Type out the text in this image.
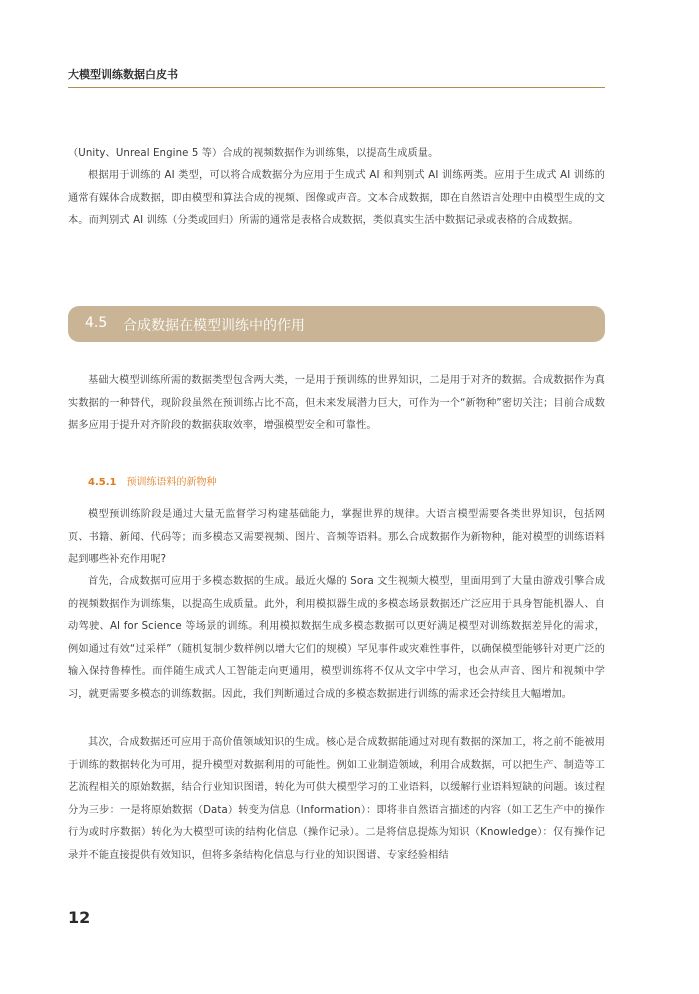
大模型训练数据白皮书

（Unity、Unreal Engine 5 等）合成的视频数据作为训练集，以提高生成质量。

根据用于训练的 AI 类型，可以将合成数据分为应用于生成式 AI 和判别式 AI 训练两类。应用于生成式 AI 训练的通常有媒体合成数据，即由模型和算法合成的视频、图像或声音。文本合成数据，即在自然语言处理中由模型生成的文本。而判别式 AI 训练（分类或回归）所需的通常是表格合成数据，类似真实生活中数据记录或表格的合成数据。

4.5 合成数据在模型训练中的作用

基础大模型训练所需的数据类型包含两大类，一是用于预训练的世界知识，二是用于对齐的数据。合成数据作为真实数据的一种替代，现阶段虽然在预训练占比不高，但未来发展潜力巨大，可作为一个“新物种”密切关注；目前合成数据多应用于提升对齐阶段的数据获取效率，增强模型安全和可靠性。

4.5.1 预训练语料的新物种

模型预训练阶段是通过大量无监督学习构建基础能力，掌握世界的规律。大语言模型需要各类世界知识，包括网页、书籍、新闻、代码等；而多模态又需要视频、图片、音频等语料。那么合成数据作为新物种，能对模型的训练语料起到哪些补充作用呢?

首先，合成数据可应用于多模态数据的生成。最近火爆的 Sora 文生视频大模型，里面用到了大量由游戏引擎合成的视频数据作为训练集，以提高生成质量。此外，利用模拟器生成的多模态场景数据还广泛应用于具身智能机器人、自动驾驶、AI for Science 等场景的训练。利用模拟数据生成多模态数据可以更好满足模型对训练数据差异化的需求，例如通过有效“过采样”（随机复制少数样例以增大它们的规模）罕见事件或灾难性事件，以确保模型能够针对更广泛的输入保持鲁棒性。而伴随生成式人工智能走向更通用，模型训练将不仅从文字中学习，也会从声音、图片和视频中学习，就更需要多模态的训练数据。因此，我们判断通过合成的多模态数据进行训练的需求还会持续且大幅增加。

其次，合成数据还可应用于高价值领域知识的生成。核心是合成数据能通过对现有数据的深加工，将之前不能被用于训练的数据转化为可用，提升模型对数据利用的可能性。例如工业制造领域，利用合成数据，可以把生产、制造等工艺流程相关的原始数据，结合行业知识图谱，转化为可供大模型学习的工业语料，以缓解行业语料短缺的问题。该过程分为三步：一是将原始数据（Data）转变为信息（Information）：即将非自然语言描述的内容（如工艺生产中的操作行为或时序数据）转化为大模型可读的结构化信息（操作记录）。二是将信息提炼为知识（Knowledge）：仅有操作记录并不能直接提供有效知识，但将多条结构化信息与行业的知识图谱、专家经验相结

12
